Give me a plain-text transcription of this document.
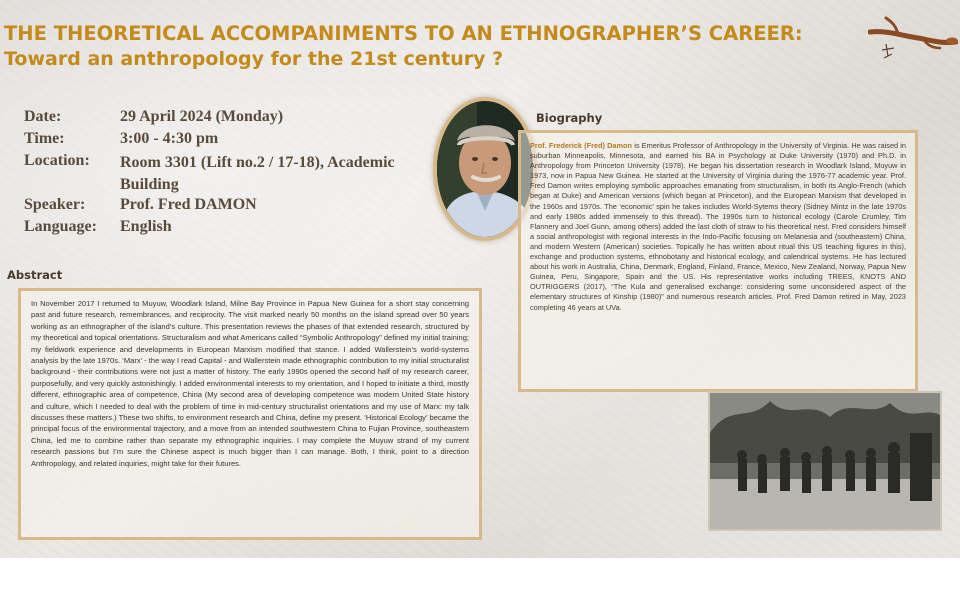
THE THEORETICAL ACCOMPANIMENTS TO AN ETHNOGRAPHER’S CAREER:
Toward an anthropology for the 21st century ?
Date:	29 April 2024 (Monday)
Time:	3:00 - 4:30 pm
Location: Room 3301 (Lift no.2 / 17-18), Academic Building
Speaker: Prof. Fred DAMON
Language: English
Biography

Prof. Frederick (Fred) Damon is Emeritus Professor of Anthropology in the University of Virginia. He was raised in suburban Minneapolis, Minnesota, and earned his BA in Psychology at Duke University (1970) and Ph.D. in Anthropology from Princeton University (1978). He began his dissertation research in Woodlark Island, Muyuw in 1973, now in Papua New Guinea. He started at the University of Virginia during the 1976-77 academic year. Prof. Fred Damon writes employing symbolic approaches emanating from structuralism, in both its Anglo-French (which began at Duke) and American versions (which began at Princeton), and the European Marxism that developed in the 1960s and 1970s. The ‘economic’ spin he takes includes World-Sytems theory (Sidney Mintz in the late 1970s and early 1980s added immensely to this thread). The 1990s turn to historical ecology (Carole Crumley, Tim Flannery and Joel Gunn, among others) added the last cloth of straw to his theoretical nest. Fred considers himself a social anthropologist with regional interests in the Indo-Pacific focusing on Melanesia and (southeastern) China, and modern Western (American) societies. Topically he has written about ritual this US teaching figures in this), exchange and production systems, ethnobotany and historical ecology, and calendrical systems. He has lectured about his work in Australia, China, Denmark, England, Finland, France, Mexico, New Zealand, Norway, Papua New Guinea, Peru, Singapore, Spain and the US. His representative works including TREES, KNOTS AND OUTRIGGERS (2017), “The Kula and generalised exchange: considering some unconsidered aspect of the elementary structures of Kinship (1980)” and numerous research articles. Prof. Fred Damon retired in May, 2023 completing 46 years at UVa.

Abstract

In November 2017 I returned to Muyuw, Woodlark Island, Milne Bay Province in Papua New Guinea for a short stay concerning past and future research, remembrances, and reciprocity. The visit marked nearly 50 months on the island spread over 50 years working as an ethnographer of the island’s culture. This presentation reviews the phases of that extended research, structured by my theoretical and topical orientations. Structuralism and what Americans called “Symbolic Anthropology” defined my initial training; my fieldwork experience and developments in European Marxism modified that stance. I added Wallerstein’s world-systems analysis by the late 1970s. ‘Marx’ - the way I read Capital - and Wallerstein made ethnographic contribution to my initial structuralist background - their contributions were not just a matter of history. The early 1990s opened the second half of my research career, purposefully, and very quickly astonishingly. I added environmental interests to my orientation, and I hoped to initiate a third, mostly different, ethnographic area of competence, China (My second area of developing competence was modern United State history and culture, which I needed to deal with the problem of time in mid-century structuralist orientations and my use of Marx: my talk discusses these matters.) These two shifts, to environment research and China, define my present. ‘Historical Ecology’ became the principal focus of the environmental trajectory, and a move from an intended southwestern China to Fujian Province, southeastern China, led me to combine rather than separate my ethnographic inquiries. I may complete the Muyuw strand of my current research passions but I’m sure the Chinese aspect is much bigger than I can manage. Both, I think, point to a direction Anthropology, and related inquiries, might take for their futures.
